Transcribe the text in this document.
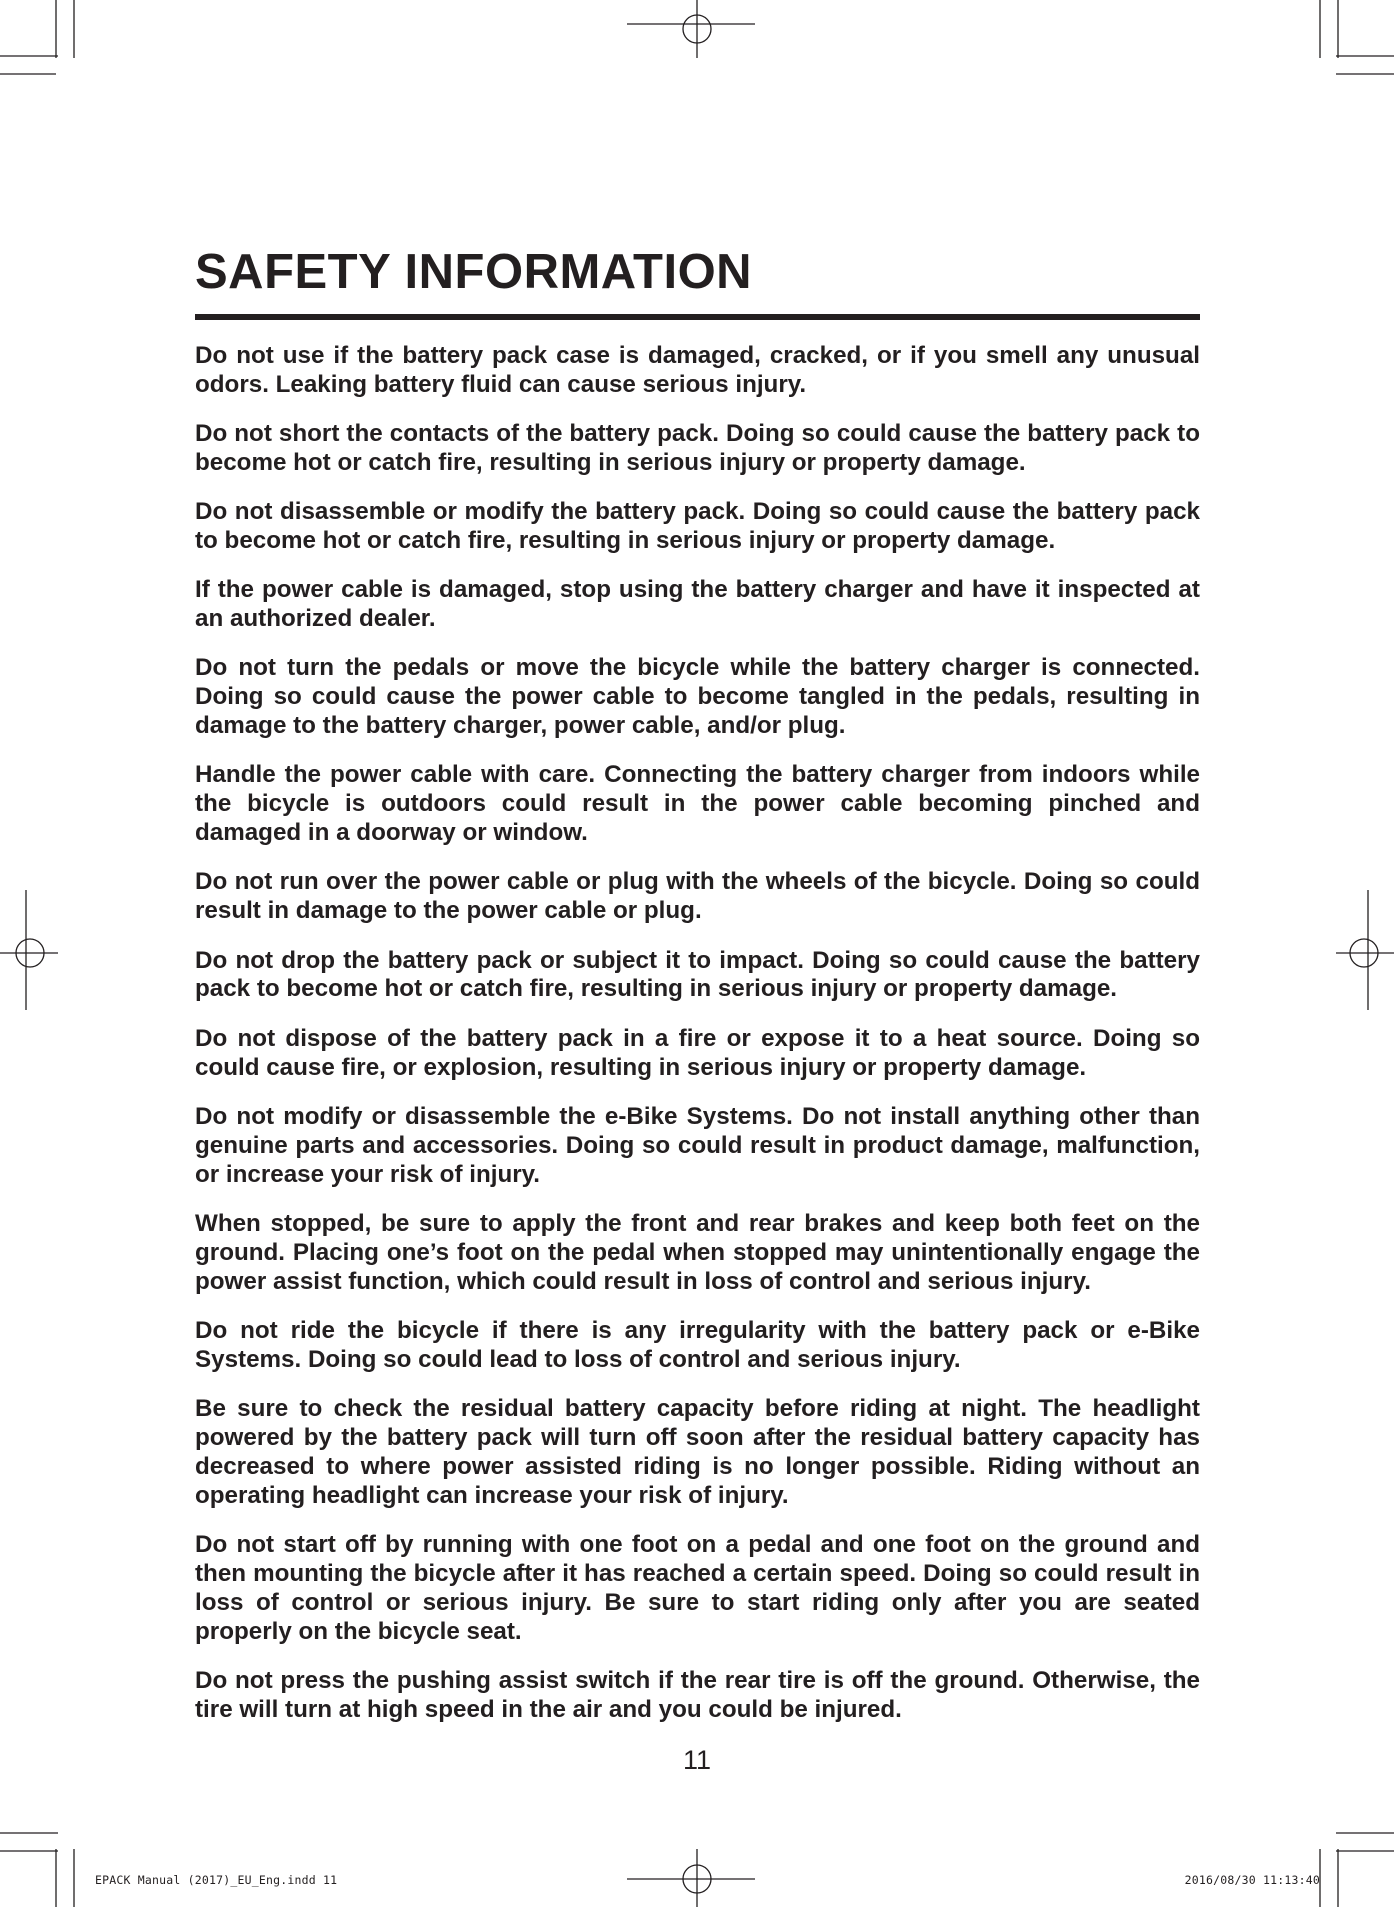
SAFETY INFORMATION

Do not use if the battery pack case is damaged, cracked, or if you smell any unusual odors. Leaking battery fluid can cause serious injury.

Do not short the contacts of the battery pack. Doing so could cause the battery pack to become hot or catch fire, resulting in serious injury or property damage.

Do not disassemble or modify the battery pack. Doing so could cause the battery pack to become hot or catch fire, resulting in serious injury or property damage.

If the power cable is damaged, stop using the battery charger and have it inspected at an authorized dealer.

Do not turn the pedals or move the bicycle while the battery charger is connected. Doing so could cause the power cable to become tangled in the pedals, resulting in damage to the battery charger, power cable, and/or plug.

Handle the power cable with care. Connecting the battery charger from indoors while the bicycle is outdoors could result in the power cable becoming pinched and damaged in a doorway or window.

Do not run over the power cable or plug with the wheels of the bicycle. Doing so could result in damage to the power cable or plug.

Do not drop the battery pack or subject it to impact. Doing so could cause the battery pack to become hot or catch fire, resulting in serious injury or property damage.

Do not dispose of the battery pack in a fire or expose it to a heat source. Doing so could cause fire, or explosion, resulting in serious injury or property damage.

Do not modify or disassemble the e-Bike Systems. Do not install anything other than genuine parts and accessories. Doing so could result in product damage, malfunction, or increase your risk of injury.

When stopped, be sure to apply the front and rear brakes and keep both feet on the ground. Placing one’s foot on the pedal when stopped may unintentionally engage the power assist function, which could result in loss of control and serious injury.

Do not ride the bicycle if there is any irregularity with the battery pack or e-Bike Systems. Doing so could lead to loss of control and serious injury.

Be sure to check the residual battery capacity before riding at night. The headlight powered by the battery pack will turn off soon after the residual battery capacity has decreased to where power assisted riding is no longer possible. Riding without an operating headlight can increase your risk of injury.

Do not start off by running with one foot on a pedal and one foot on the ground and then mounting the bicycle after it has reached a certain speed. Doing so could result in loss of control or serious injury. Be sure to start riding only after you are seated properly on the bicycle seat.

Do not press the pushing assist switch if the rear tire is off the ground. Otherwise, the tire will turn at high speed in the air and you could be injured.

11
EPACK Manual (2017)_EU_Eng.indd 11	2016/08/30 11:13:40
